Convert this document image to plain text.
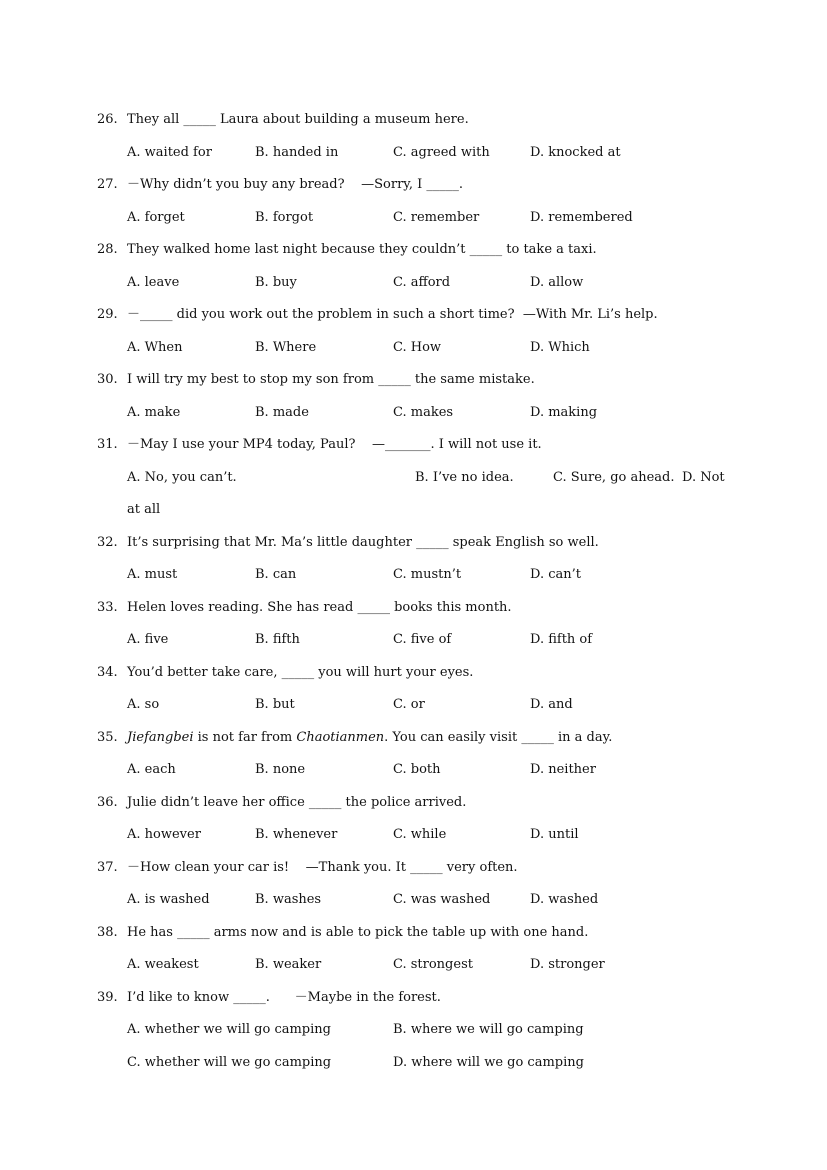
26. They all _____ Laura about building a museum here.
A. waited for	B. handed in	C. agreed with	D. knocked at
27. －Why didn’t you buy any bread?    —Sorry, I _____.
A. forget	B. forgot	C. remember	D. remembered
28. They walked home last night because they couldn’t _____ to take a taxi.
A. leave	B. buy	C. afford	D. allow
29. －_____ did you work out the problem in such a short time?  —With Mr. Li’s help.
A. When	B. Where	C. How	D. Which
30. I will try my best to stop my son from _____ the same mistake.
A. make	B. made	C. makes	D. making
31. －May I use your MP4 today, Paul?    —_______. I will not use it.
A. No, you can’t.	B. I’ve no idea.	C. Sure, go ahead. D. Not
at all
32. It’s surprising that Mr. Ma’s little daughter _____ speak English so well.
A. must	B. can	C. mustn’t	D. can’t
33. Helen loves reading. She has read _____ books this month.
A. five	B. fifth	C. five of	D. fifth of
34. You’d better take care, _____ you will hurt your eyes.
A. so	B. but	C. or	D. and
35. Jiefangbei is not far from Chaotianmen. You can easily visit _____ in a day.
A. each	B. none	C. both	D. neither
36. Julie didn’t leave her office _____ the police arrived.
A. however	B. whenever	C. while	D. until
37. －How clean your car is!    —Thank you. It _____ very often.
A. is washed	B. washes	C. was washed	D. washed
38. He has _____ arms now and is able to pick the table up with one hand.
A. weakest	B. weaker	C. strongest	D. stronger
39. I’d like to know _____.      －Maybe in the forest.
A. whether we will go camping	B. where we will go camping
C. whether will we go camping	D. where will we go camping
